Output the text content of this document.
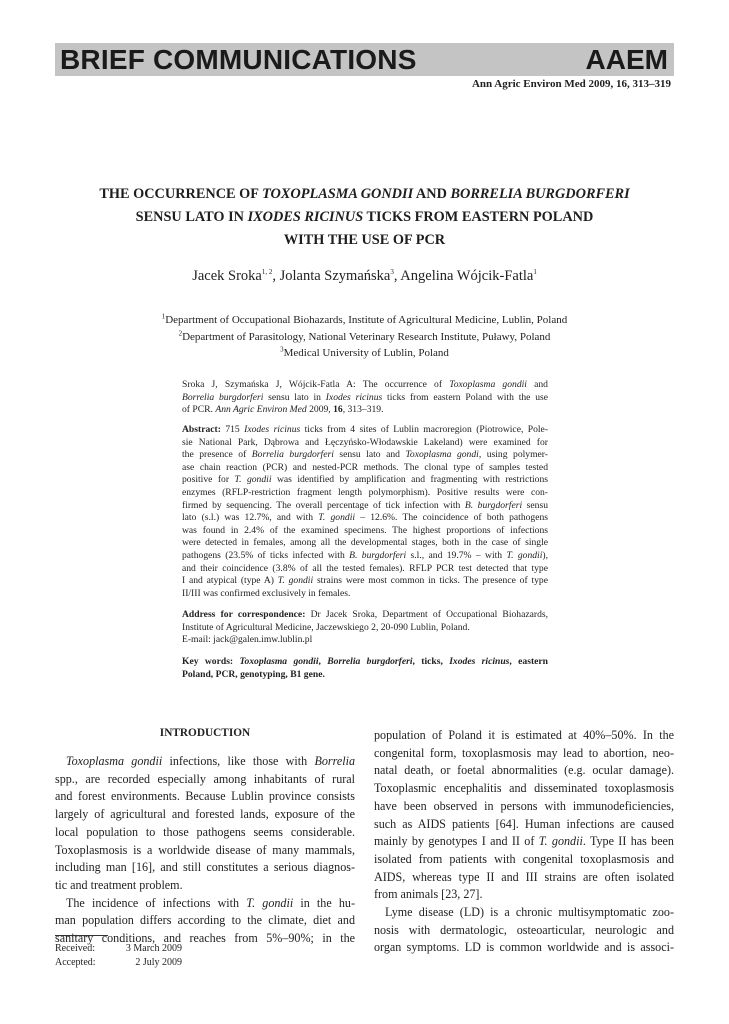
BRIEF COMMUNICATIONS	AAEM
Ann Agric Environ Med 2009, 16, 313–319
THE OCCURRENCE OF TOXOPLASMA GONDII AND BORRELIA BURGDORFERI
SENSU LATO IN IXODES RICINUS TICKS FROM EASTERN POLAND
WITH THE USE OF PCR
Jacek Sroka$^{1, 2}$, Jolanta Szymańska$^3$, Angelina Wójcik-Fatla$^1$
$^1$Department of Occupational Biohazards, Institute of Agricultural Medicine, Lublin, Poland
$^2$Department of Parasitology, National Veterinary Research Institute, Puławy, Poland
$^3$Medical University of Lublin, Poland
Sroka J, Szymańska J, Wójcik-Fatla A: The occurrence of Toxoplasma gondii and
Borrelia burgdorferi sensu lato in Ixodes ricinus ticks from eastern Poland with the use
of PCR. Ann Agric Environ Med 2009, 16, 313–319.
Abstract: 715 Ixodes ricinus ticks from 4 sites of Lublin macroregion (Piotrowice, Pole-
sie National Park, Dąbrowa and Łęczyńsko-Włodawskie Lakeland) were examined for
the presence of Borrelia burgdorferi sensu lato and Toxoplasma gondi, using polymer-
ase chain reaction (PCR) and nested-PCR methods. The clonal type of samples tested
positive for T. gondii was identified by amplification and fragmenting with restrictions
enzymes (RFLP-restriction fragment length polymorphism). Positive results were con-
firmed by sequencing. The overall percentage of tick infection with B. burgdorferi sensu
lato (s.l.) was 12.7%, and with T. gondii – 12.6%. The coincidence of both pathogens
was found in 2.4% of the examined specimens. The highest proportions of infections
were detected in females, among all the developmental stages, both in the case of single
pathogens (23.5% of ticks infected with B. burgdorferi s.l., and 19.7% – with T. gondii),
and their coincidence (3.8% of all the tested females). RFLP PCR test detected that type
I and atypical (type A) T. gondii strains were most common in ticks. The presence of type
II/III was confirmed exclusively in females.
Address for correspondence: Dr Jacek Sroka, Department of Occupational Biohazards,
Institute of Agricultural Medicine, Jaczewskiego 2, 20-090 Lublin, Poland.
E-mail: jack@galen.imw.lublin.pl
Key words: Toxoplasma gondii, Borrelia burgdorferi, ticks, Ixodes ricinus, eastern
Poland, PCR, genotyping, B1 gene.
INTRODUCTION
Toxoplasma gondii infections, like those with Borrelia
spp., are recorded especially among inhabitants of rural
and forest environments. Because Lublin province consists
largely of agricultural and forested lands, exposure of the
local population to those pathogens seems considerable.
Toxoplasmosis is a worldwide disease of many mammals,
including man [16], and still constitutes a serious diagnos-
tic and treatment problem.
The incidence of infections with T. gondii in the hu-
man population differs according to the climate, diet and
sanitary conditions, and reaches from 5%–90%; in the
population of Poland it is estimated at 40%–50%. In the
congenital form, toxoplasmosis may lead to abortion, neo-
natal death, or foetal abnormalities (e.g. ocular damage).
Toxoplasmic encephalitis and disseminated toxoplasmosis
have been observed in persons with immunodeficiencies,
such as AIDS patients [64]. Human infections are caused
mainly by genotypes I and II of T. gondii. Type II has been
isolated from patients with congenital toxoplasmosis and
AIDS, whereas type II and III strains are often isolated
from animals [23, 27].
Lyme disease (LD) is a chronic multisymptomatic zoo-
nosis with dermatologic, osteoarticular, neurologic and
organ symptoms. LD is common worldwide and is associ-
Received:	3 March 2009
Accepted:	2 July 2009
